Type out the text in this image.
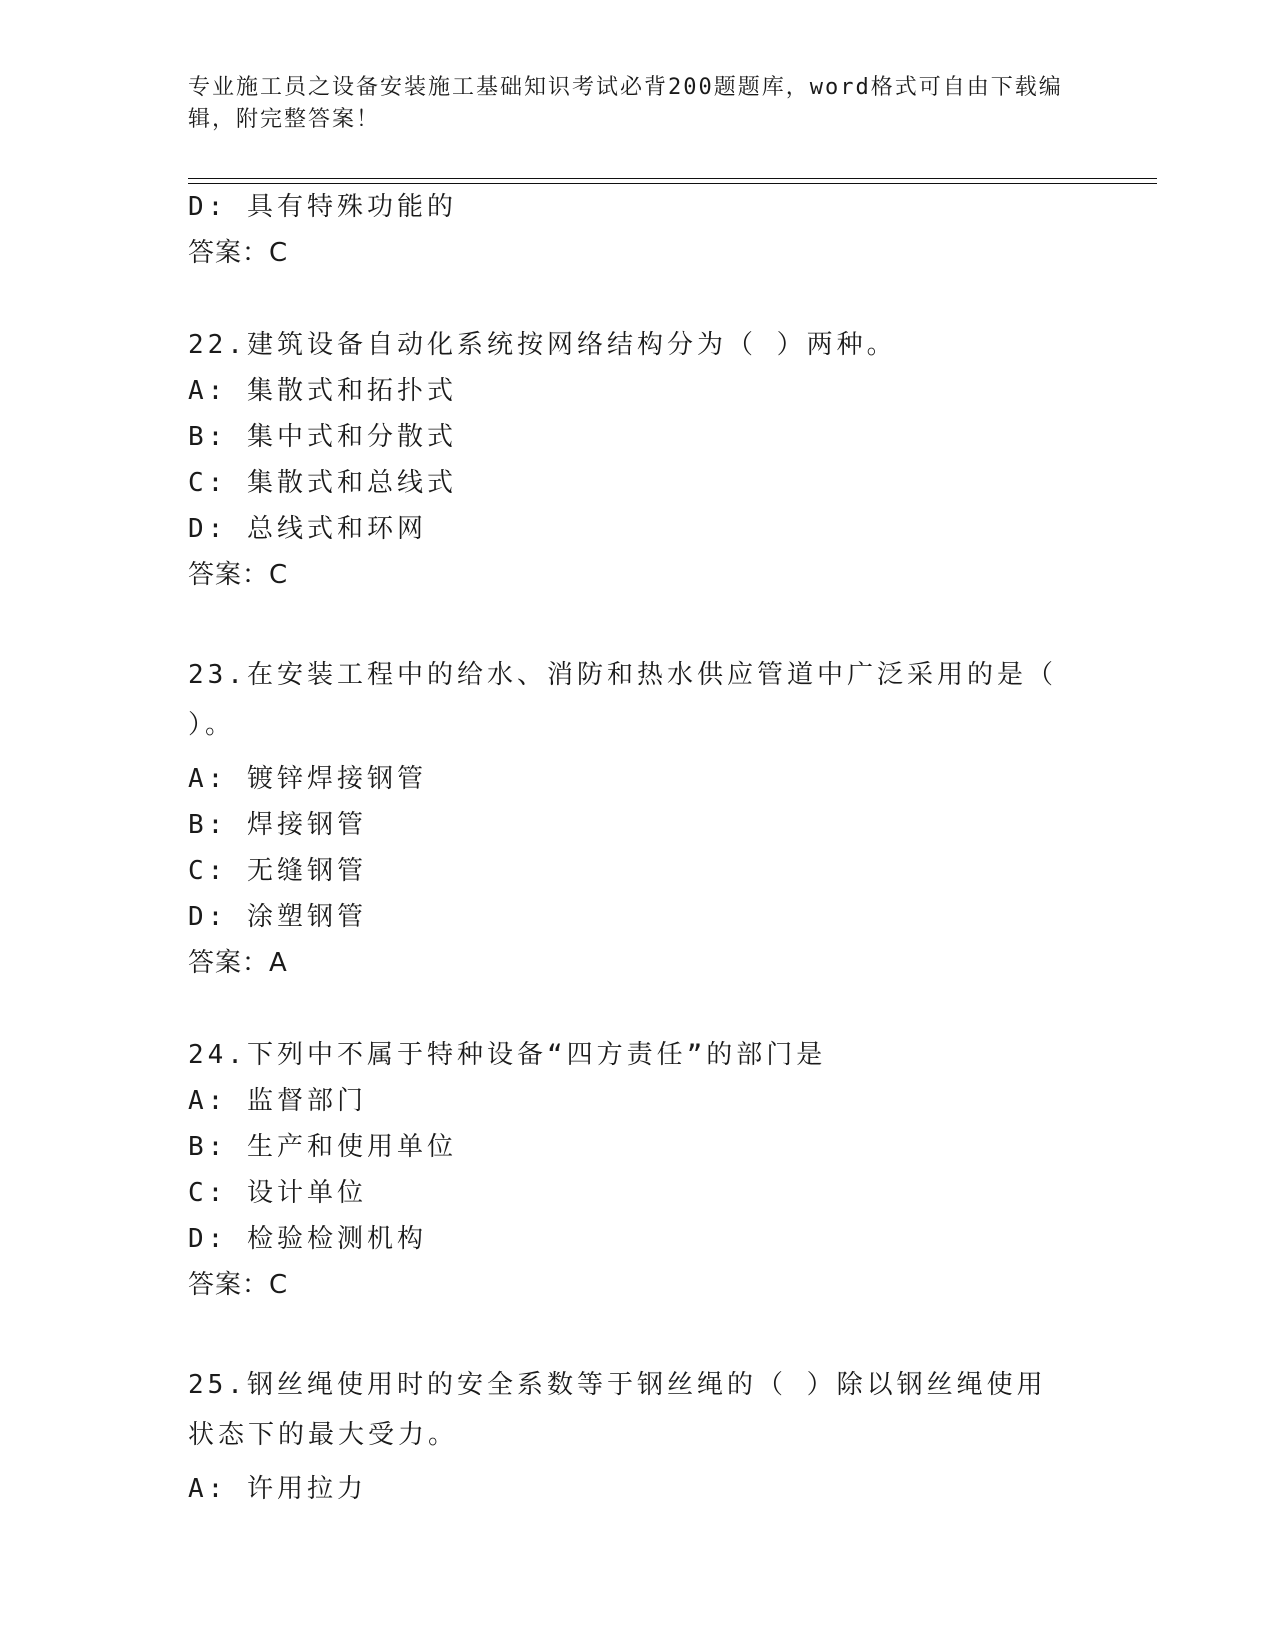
专业施工员之设备安装施工基础知识考试必背200题题库，word格式可自由下载编辑，附完整答案！
D: 具有特殊功能的
答案：C
22.建筑设备自动化系统按网络结构分为（ ）两种。
A: 集散式和拓扑式
B: 集中式和分散式
C: 集散式和总线式
D: 总线式和环网
答案：C
23.在安装工程中的给水、消防和热水供应管道中广泛采用的是（ ）。
A: 镀锌焊接钢管
B: 焊接钢管
C: 无缝钢管
D: 涂塑钢管
答案：A
24.下列中不属于特种设备“四方责任”的部门是
A: 监督部门
B: 生产和使用单位
C: 设计单位
D: 检验检测机构
答案：C
25.钢丝绳使用时的安全系数等于钢丝绳的（ ）除以钢丝绳使用状态下的最大受力。
A: 许用拉力
